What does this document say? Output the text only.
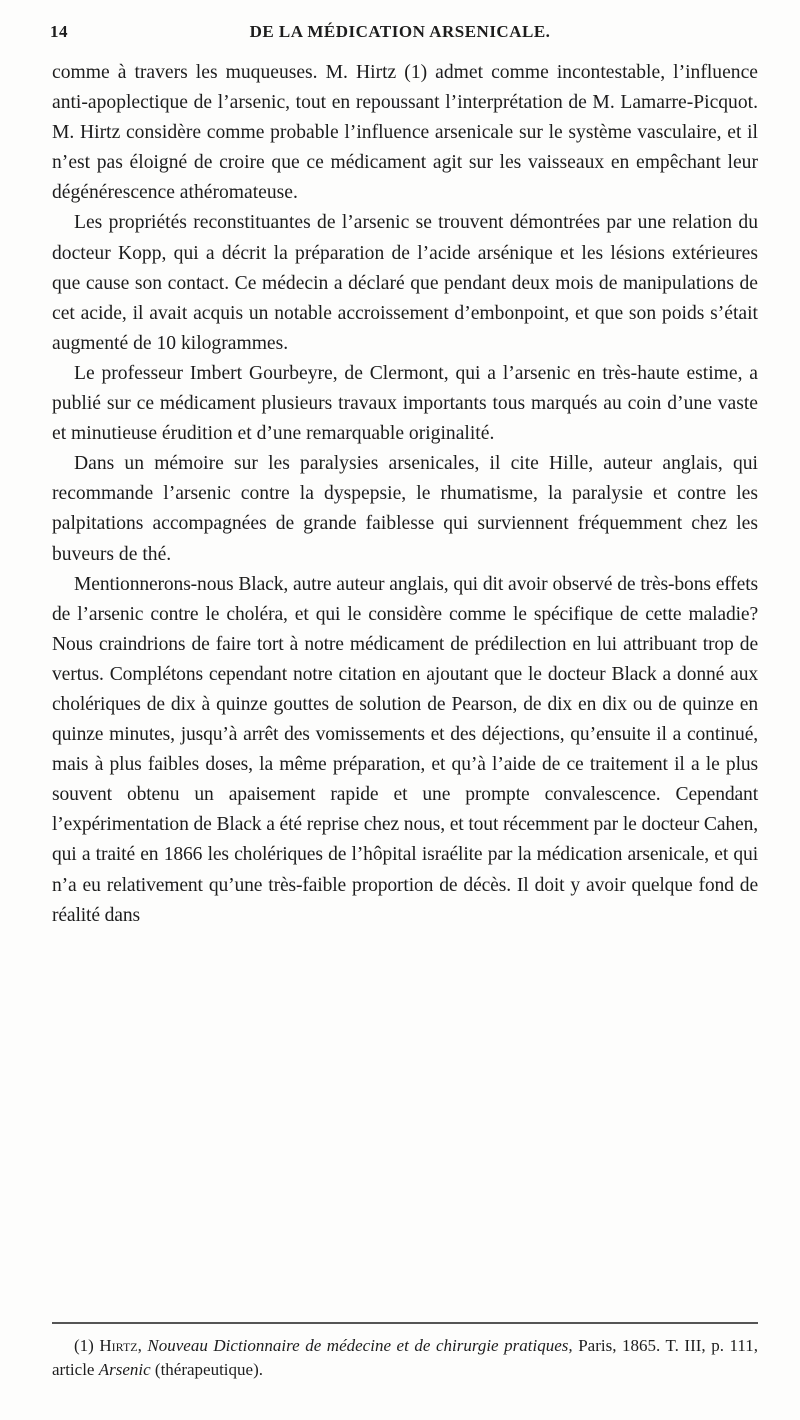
14	DE LA MÉDICATION ARSENICALE.

comme à travers les muqueuses. M. Hirtz (1) admet comme incontestable, l’influence anti-apoplectique de l’arsenic, tout en repoussant l’interprétation de M. Lamarre-Picquot. M. Hirtz considère comme probable l’influence arsenicale sur le système vasculaire, et il n’est pas éloigné de croire que ce médicament agit sur les vaisseaux en empêchant leur dégénérescence athéromateuse.

Les propriétés reconstituantes de l’arsenic se trouvent démontrées par une relation du docteur Kopp, qui a décrit la préparation de l’acide arsénique et les lésions extérieures que cause son contact. Ce médecin a déclaré que pendant deux mois de manipulations de cet acide, il avait acquis un notable accroissement d’embonpoint, et que son poids s’était augmenté de 10 kilogrammes.

Le professeur Imbert Gourbeyre, de Clermont, qui a l’arsenic en très-haute estime, a publié sur ce médicament plusieurs travaux importants tous marqués au coin d’une vaste et minutieuse érudition et d’une remarquable originalité.

Dans un mémoire sur les paralysies arsenicales, il cite Hille, auteur anglais, qui recommande l’arsenic contre la dyspepsie, le rhumatisme, la paralysie et contre les palpitations accompagnées de grande faiblesse qui surviennent fréquemment chez les buveurs de thé.

Mentionnerons-nous Black, autre auteur anglais, qui dit avoir observé de très-bons effets de l’arsenic contre le choléra, et qui le considère comme le spécifique de cette maladie? Nous craindrions de faire tort à notre médicament de prédilection en lui attribuant trop de vertus. Complétons cependant notre citation en ajoutant que le docteur Black a donné aux cholériques de dix à quinze gouttes de solution de Pearson, de dix en dix ou de quinze en quinze minutes, jusqu’à arrêt des vomissements et des déjections, qu’ensuite il a continué, mais à plus faibles doses, la même préparation, et qu’à l’aide de ce traitement il a le plus souvent obtenu un apaisement rapide et une prompte convalescence. Cependant l’expérimentation de Black a été reprise chez nous, et tout récemment par le docteur Cahen, qui a traité en 1866 les cholériques de l’hôpital israélite par la médication arsenicale, et qui n’a eu relativement qu’une très-faible proportion de décès. Il doit y avoir quelque fond de réalité dans

(1) Hirtz, Nouveau Dictionnaire de médecine et de chirurgie pratiques, Paris, 1865. T. III, p. 111, article Arsenic (thérapeutique).
